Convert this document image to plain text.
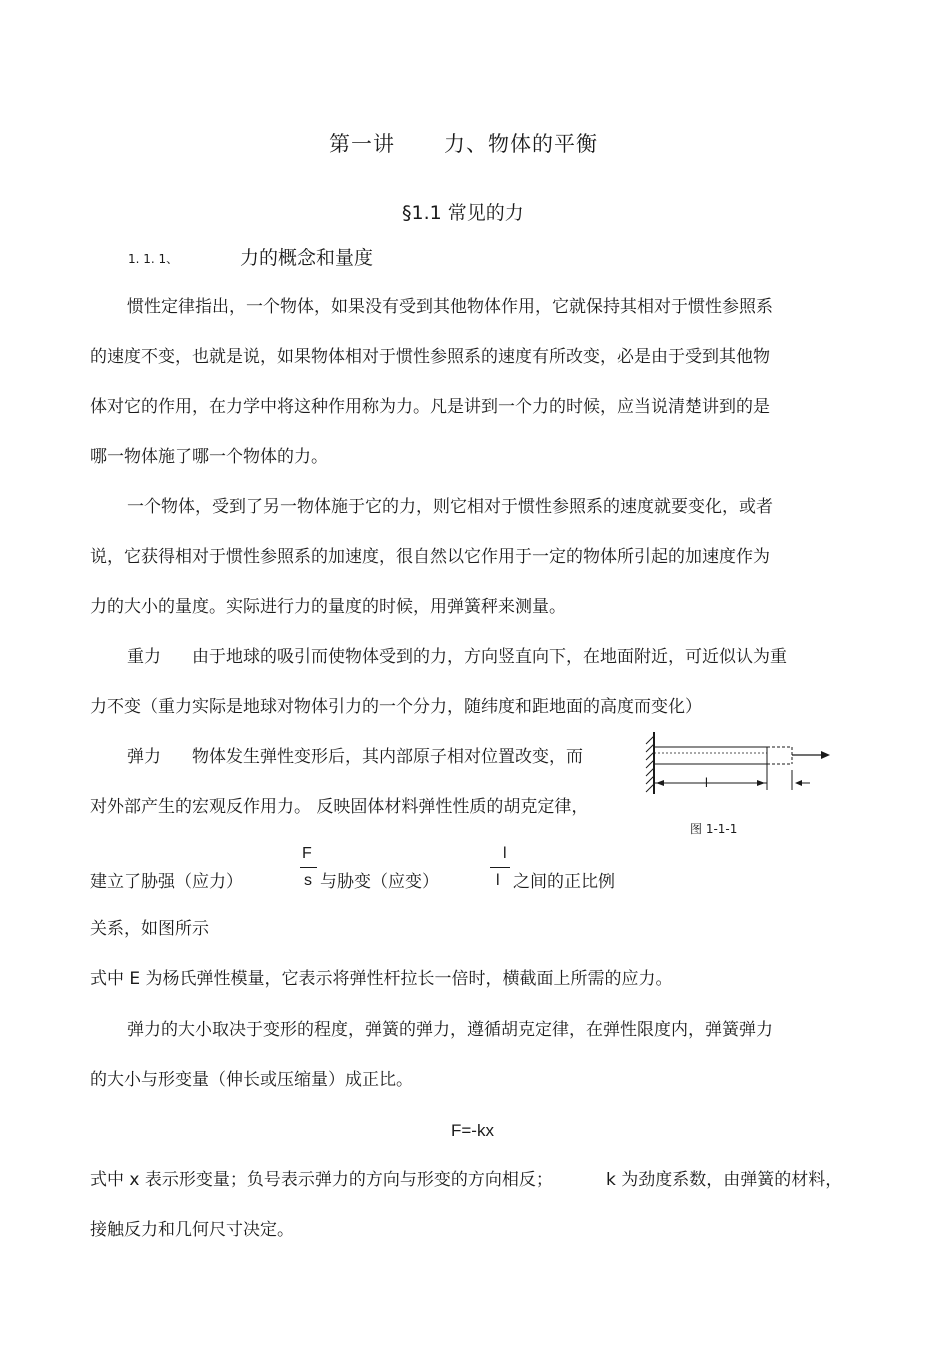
第一讲 力、物体的平衡
§1.1 常见的力
1. 1. 1、	力的概念和量度
惯性定律指出，一个物体，如果没有受到其他物体作用，它就保持其相对于惯性参照系
的速度不变，也就是说，如果物体相对于惯性参照系的速度有所改变，必是由于受到其他物
体对它的作用，在力学中将这种作用称为力。凡是讲到一个力的时候，应当说清楚讲到的是
哪一物体施了哪一个物体的力。
一个物体，受到了另一物体施于它的力，则它相对于惯性参照系的速度就要变化，或者
说，它获得相对于惯性参照系的加速度，很自然以它作用于一定的物体所引起的加速度作为
力的大小的量度。实际进行力的量度的时候，用弹簧秤来测量。
重力 由于地球的吸引而使物体受到的力，方向竖直向下，在地面附近，可近似认为重
力不变（重力实际是地球对物体引力的一个分力，随纬度和距地面的高度而变化）
弹力 物体发生弹性变形后，其内部原子相对位置改变，而
对外部产生的宏观反作用力。 反映固体材料弹性性质的胡克定律，
l
图 1-1-1
建立了胁强（应力）
F
s 与胁变（应变）
l
l 之间的正比例
关系，如图所示
式中 E 为杨氏弹性模量，它表示将弹性杆拉长一倍时，横截面上所需的应力。
弹力的大小取决于变形的程度，弹簧的弹力，遵循胡克定律，在弹性限度内，弹簧弹力
的大小与形变量（伸长或压缩量）成正比。
F=-kx
式中 x 表示形变量；负号表示弹力的方向与形变的方向相反；	k 为劲度系数，由弹簧的材料，
接触反力和几何尺寸决定。
